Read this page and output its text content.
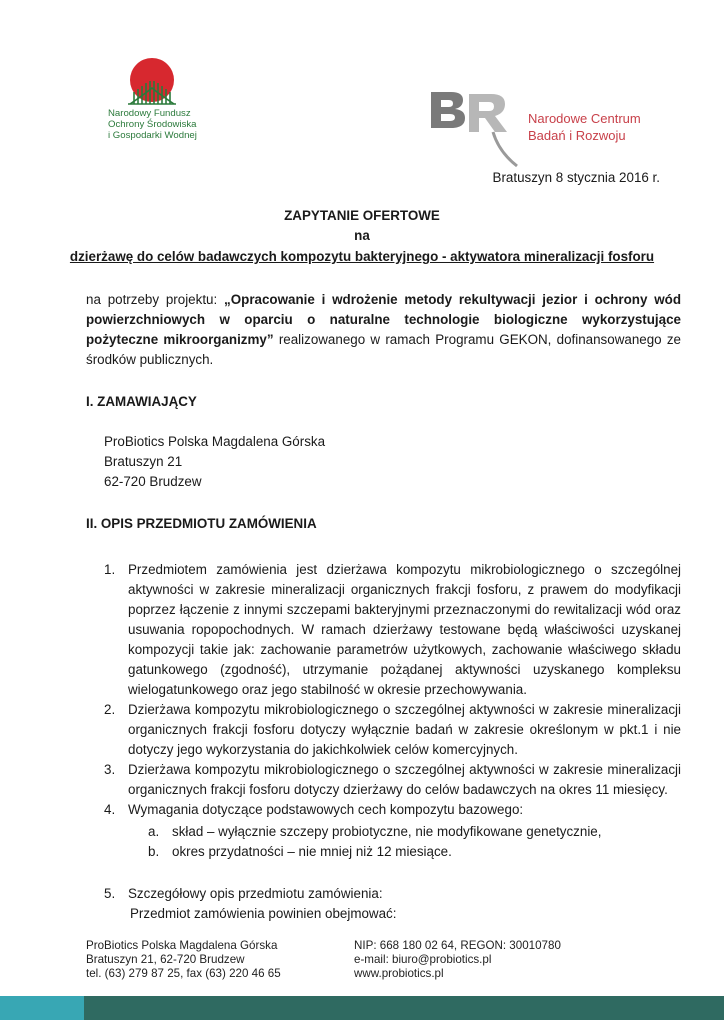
Narodowy Fundusz
Ochrony Środowiska
i Gospodarki Wodnej
Narodowe Centrum
Badań i Rozwoju
Bratuszyn 8 stycznia 2016 r.
ZAPYTANIE OFERTOWE
na
dzierżawę do celów badawczych kompozytu bakteryjnego - aktywatora mineralizacji fosforu
na potrzeby projektu: „Opracowanie i wdrożenie metody rekultywacji jezior i ochrony wód powierzchniowych w oparciu o naturalne technologie biologiczne wykorzystujące pożyteczne mikroorganizmy” realizowanego w ramach Programu GEKON, dofinansowanego ze środków publicznych.
I. ZAMAWIAJĄCY
ProBiotics Polska Magdalena Górska
Bratuszyn 21
62-720 Brudzew
II. OPIS PRZEDMIOTU ZAMÓWIENIA
1. Przedmiotem zamówienia jest dzierżawa kompozytu mikrobiologicznego o szczególnej aktywności w zakresie mineralizacji organicznych frakcji fosforu, z prawem do modyfikacji poprzez łączenie z innymi szczepami bakteryjnymi przeznaczonymi do rewitalizacji wód oraz usuwania ropopochodnych. W ramach dzierżawy testowane będą właściwości uzyskanej kompozycji takie jak: zachowanie parametrów użytkowych, zachowanie właściwego składu gatunkowego (zgodność), utrzymanie pożądanej aktywności uzyskanego kompleksu wielogatunkowego oraz jego stabilność w okresie przechowywania.
2. Dzierżawa kompozytu mikrobiologicznego o szczególnej aktywności w zakresie mineralizacji organicznych frakcji fosforu dotyczy wyłącznie badań w zakresie określonym w pkt.1 i nie dotyczy jego wykorzystania do jakichkolwiek celów komercyjnych.
3. Dzierżawa kompozytu mikrobiologicznego o szczególnej aktywności w zakresie mineralizacji organicznych frakcji fosforu dotyczy dzierżawy do celów badawczych na okres 11 miesięcy.
4. Wymagania dotyczące podstawowych cech kompozytu bazowego:
a. skład – wyłącznie szczepy probiotyczne, nie modyfikowane genetycznie,
b. okres przydatności – nie mniej niż 12 miesiące.
5. Szczegółowy opis przedmiotu zamówienia:
Przedmiot zamówienia powinien obejmować:
ProBiotics Polska Magdalena Górska
Bratuszyn 21, 62-720 Brudzew
tel. (63) 279 87 25, fax (63) 220 46 65
NIP: 668 180 02 64, REGON: 30010780
e-mail: biuro@probiotics.pl
www.probiotics.pl
